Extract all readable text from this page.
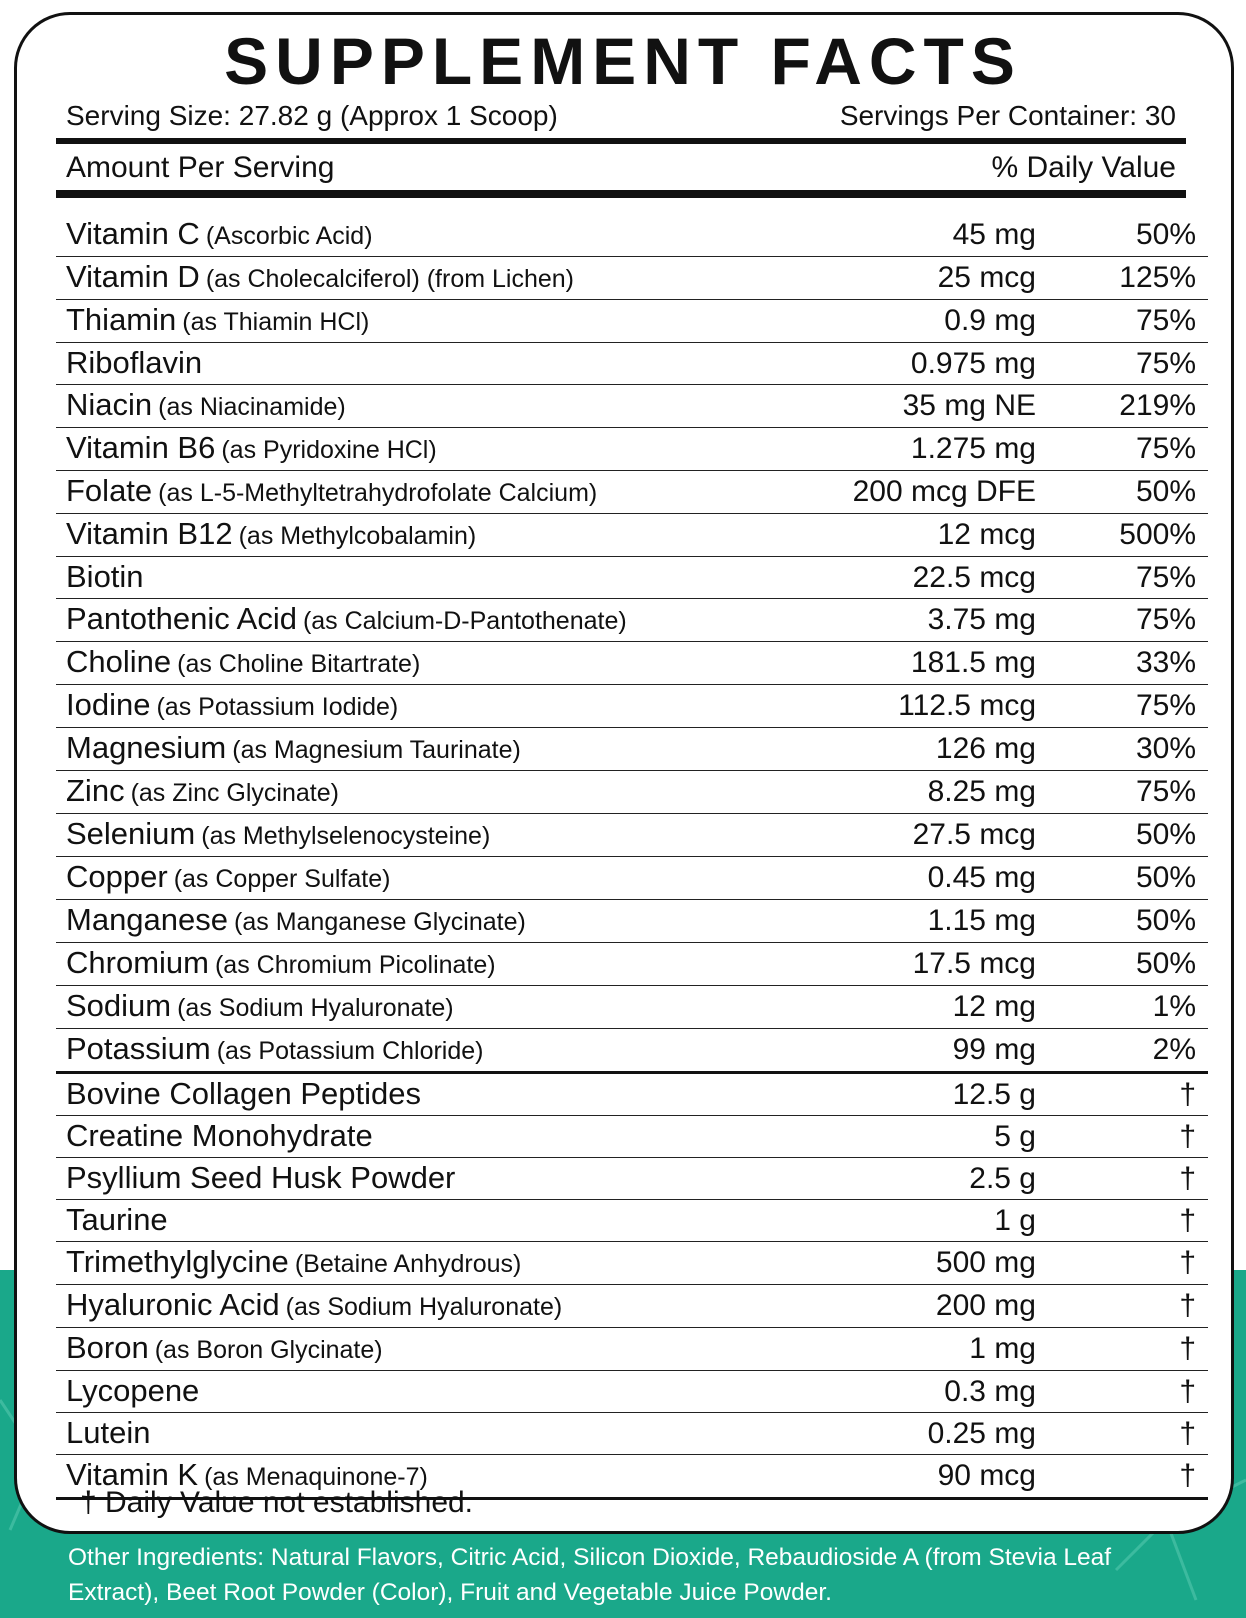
SUPPLEMENT FACTS
Serving Size: 27.82 g (Approx 1 Scoop)	Servings Per Container: 30
Amount Per Serving	% Daily Value
Vitamin C (Ascorbic Acid)	45 mg	50%
Vitamin D (as Cholecalciferol) (from Lichen)	25 mcg	125%
Thiamin (as Thiamin HCl)	0.9 mg	75%
Riboflavin	0.975 mg	75%
Niacin (as Niacinamide)	35 mg NE	219%
Vitamin B6 (as Pyridoxine HCl)	1.275 mg	75%
Folate (as L-5-Methyltetrahydrofolate Calcium)	200 mcg DFE	50%
Vitamin B12 (as Methylcobalamin)	12 mcg	500%
Biotin	22.5 mcg	75%
Pantothenic Acid (as Calcium-D-Pantothenate)	3.75 mg	75%
Choline (as Choline Bitartrate)	181.5 mg	33%
Iodine (as Potassium Iodide)	112.5 mcg	75%
Magnesium (as Magnesium Taurinate)	126 mg	30%
Zinc (as Zinc Glycinate)	8.25 mg	75%
Selenium (as Methylselenocysteine)	27.5 mcg	50%
Copper (as Copper Sulfate)	0.45 mg	50%
Manganese (as Manganese Glycinate)	1.15 mg	50%
Chromium (as Chromium Picolinate)	17.5 mcg	50%
Sodium (as Sodium Hyaluronate)	12 mg	1%
Potassium (as Potassium Chloride)	99 mg	2%
Bovine Collagen Peptides	12.5 g	†
Creatine Monohydrate	5 g	†
Psyllium Seed Husk Powder	2.5 g	†
Taurine	1 g	†
Trimethylglycine (Betaine Anhydrous)	500 mg	†
Hyaluronic Acid (as Sodium Hyaluronate)	200 mg	†
Boron (as Boron Glycinate)	1 mg	†
Lycopene	0.3 mg	†
Lutein	0.25 mg	†
Vitamin K (as Menaquinone-7)	90 mcg	†
† Daily Value not established.
Other Ingredients: Natural Flavors, Citric Acid, Silicon Dioxide, Rebaudioside A (from Stevia Leaf Extract), Beet Root Powder (Color), Fruit and Vegetable Juice Powder.
